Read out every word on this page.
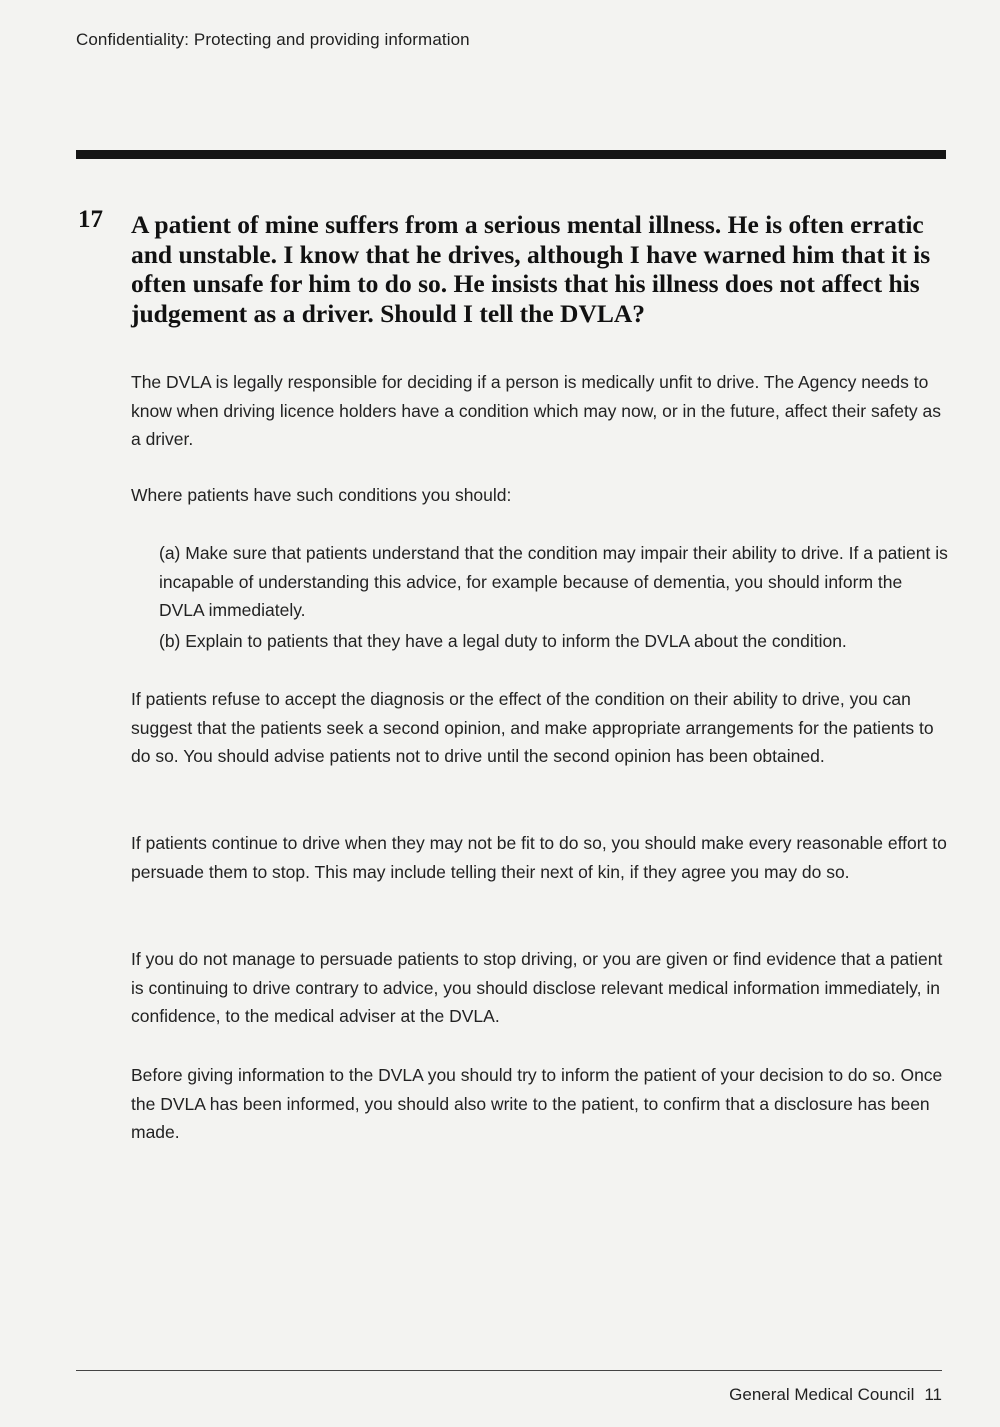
Confidentiality: Protecting and providing information
17 A patient of mine suffers from a serious mental illness. He is often erratic and unstable. I know that he drives, although I have warned him that it is often unsafe for him to do so. He insists that his illness does not affect his judgement as a driver. Should I tell the DVLA?
The DVLA is legally responsible for deciding if a person is medically unfit to drive. The Agency needs to know when driving licence holders have a condition which may now, or in the future, affect their safety as a driver.
Where patients have such conditions you should:
(a) Make sure that patients understand that the condition may impair their ability to drive. If a patient is incapable of understanding this advice, for example because of dementia, you should inform the DVLA immediately.
(b) Explain to patients that they have a legal duty to inform the DVLA about the condition.
If patients refuse to accept the diagnosis or the effect of the condition on their ability to drive, you can suggest that the patients seek a second opinion, and make appropriate arrangements for the patients to do so. You should advise patients not to drive until the second opinion has been obtained.
If patients continue to drive when they may not be fit to do so, you should make every reasonable effort to persuade them to stop. This may include telling their next of kin, if they agree you may do so.
If you do not manage to persuade patients to stop driving, or you are given or find evidence that a patient is continuing to drive contrary to advice, you should disclose relevant medical information immediately, in confidence, to the medical adviser at the DVLA.
Before giving information to the DVLA you should try to inform the patient of your decision to do so. Once the DVLA has been informed, you should also write to the patient, to confirm that a disclosure has been made.
General Medical Council 11
